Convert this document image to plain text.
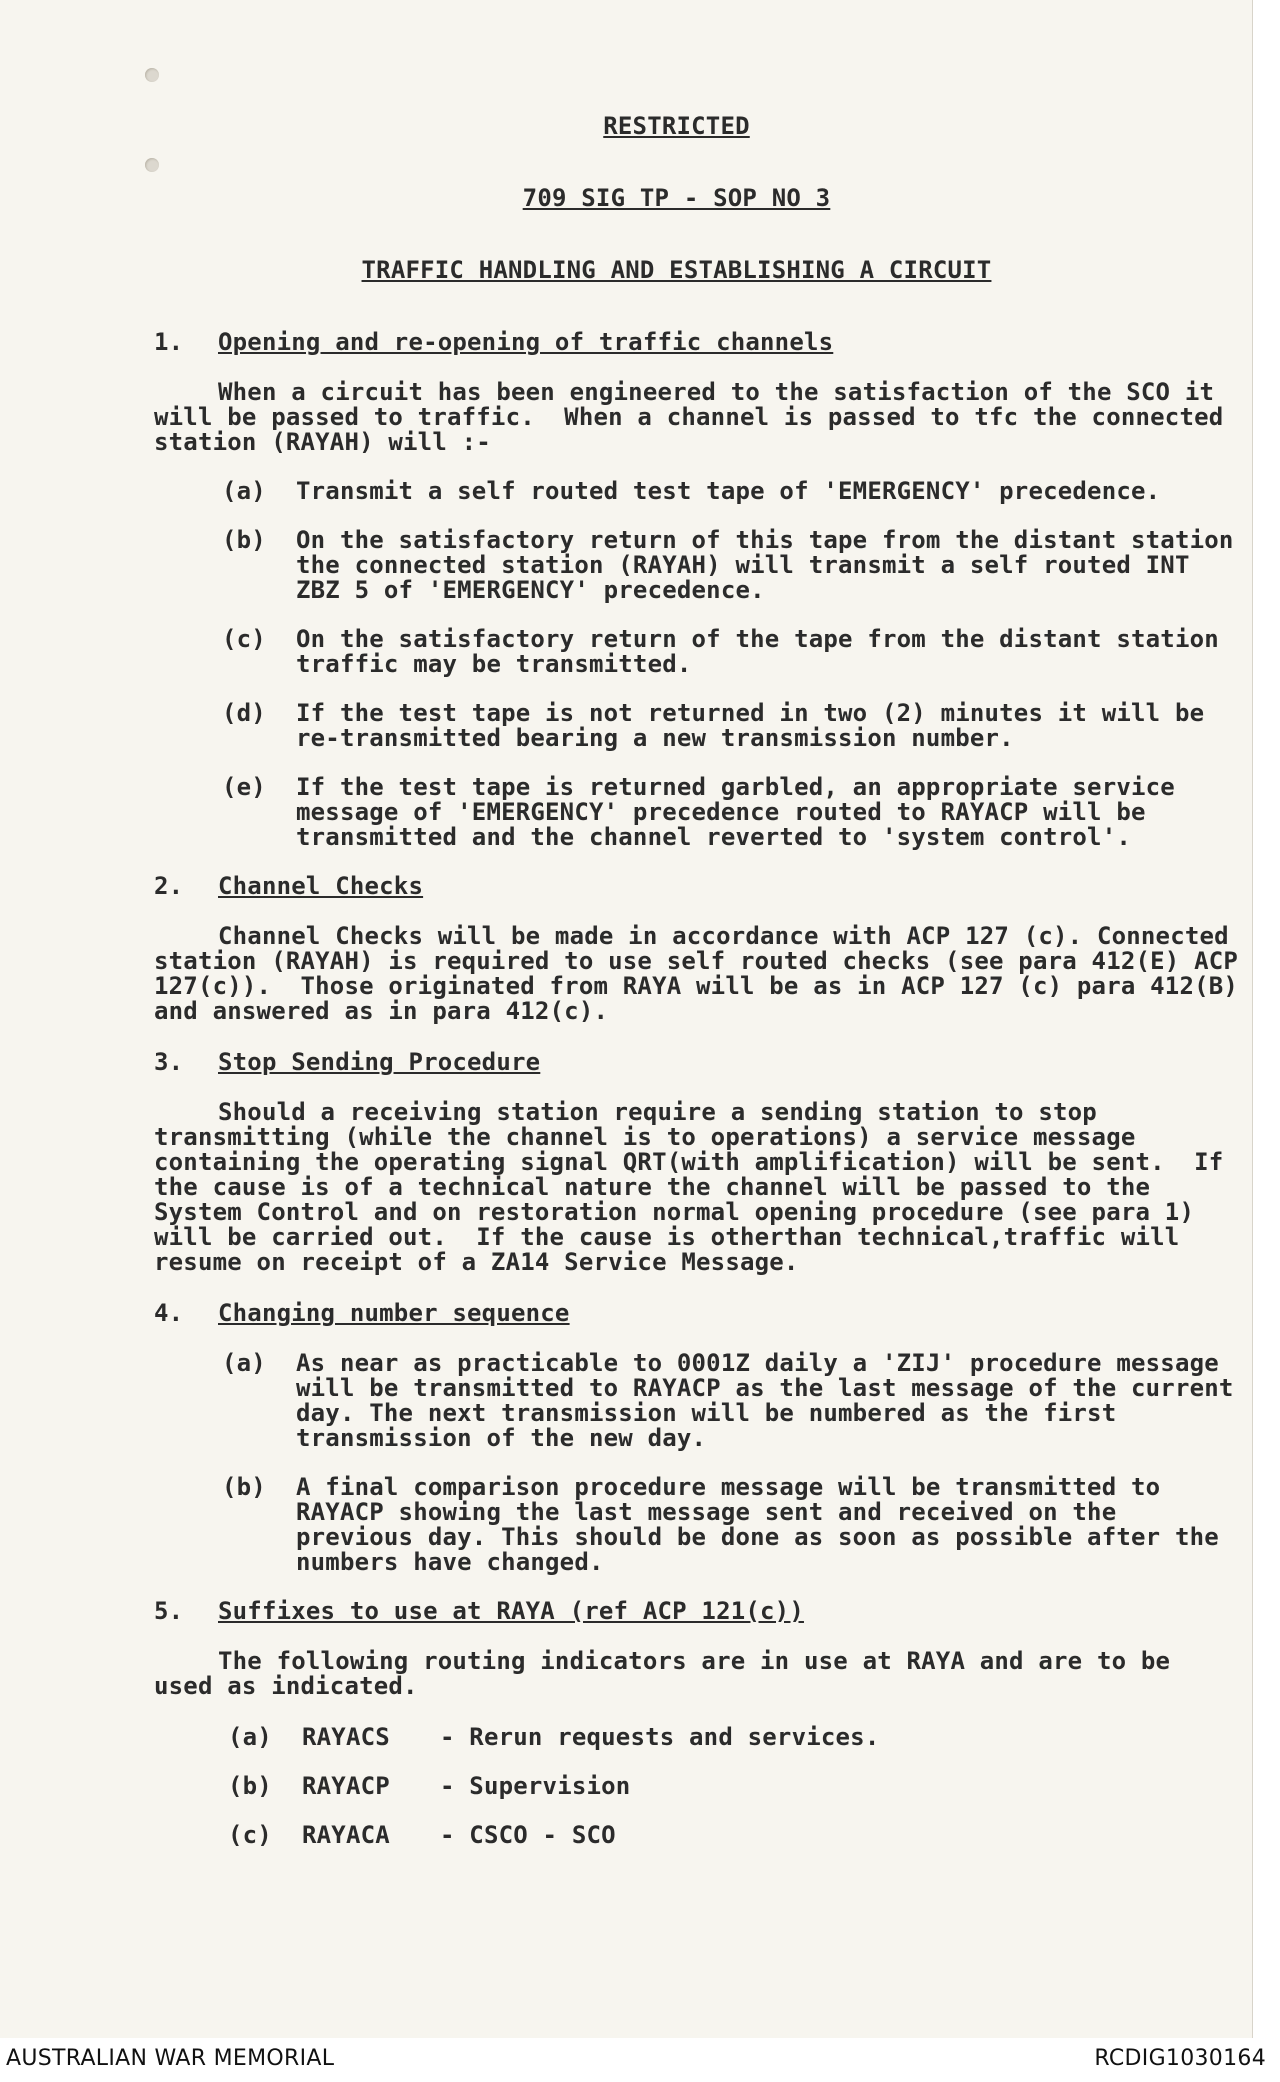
RESTRICTED
709 SIG TP - SOP NO 3
TRAFFIC HANDLING AND ESTABLISHING A CIRCUIT
1.	Opening and re-opening of traffic channels
When a circuit has been engineered to the satisfaction of the SCO it will be passed to traffic.  When a channel is passed to tfc the connected station (RAYAH) will :-
(a)	Transmit a self routed test tape of 'EMERGENCY' precedence.
(b)	On the satisfactory return of this tape from the distant station the connected station (RAYAH) will transmit a self routed INT ZBZ 5 of 'EMERGENCY' precedence.
(c)	On the satisfactory return of the tape from the distant station traffic may be transmitted.
(d)	If the test tape is not returned in two (2) minutes it will be re-transmitted bearing a new transmission number.
(e)	If the test tape is returned garbled, an appropriate service message of 'EMERGENCY' precedence routed to RAYACP will be transmitted and the channel reverted to 'system control'.
2.	Channel Checks
Channel Checks will be made in accordance with ACP 127 (c). Connected station (RAYAH) is required to use self routed checks (see para 412(E) ACP 127(c)).  Those originated from RAYA will be as in ACP 127 (c) para 412(B) and answered as in para 412(c).
3.	Stop Sending Procedure
Should a receiving station require a sending station to stop transmitting (while the channel is to operations) a service message containing the operating signal QRT(with amplification) will be sent.  If the cause is of a technical nature the channel will be passed to the System Control and on restoration normal opening procedure (see para 1) will be carried out.  If the cause is otherthan technical,traffic will resume on receipt of a ZA14 Service Message.
4.	Changing number sequence
(a)	As near as practicable to 0001Z daily a 'ZIJ' procedure message will be transmitted to RAYACP as the last message of the current day. The next transmission will be numbered as the first transmission of the new day.
(b)	A final comparison procedure message will be transmitted to RAYACP showing the last message sent and received on the previous day. This should be done as soon as possible after the numbers have changed.
5.	Suffixes to use at RAYA (ref ACP 121(c))
The following routing indicators are in use at RAYA and are to be used as indicated.
(a)	RAYACS	- Rerun requests and services.
(b)	RAYACP	- Supervision
(c)	RAYACA	- CSCO - SCO
AUSTRALIAN WAR MEMORIAL	RCDIG1030164
